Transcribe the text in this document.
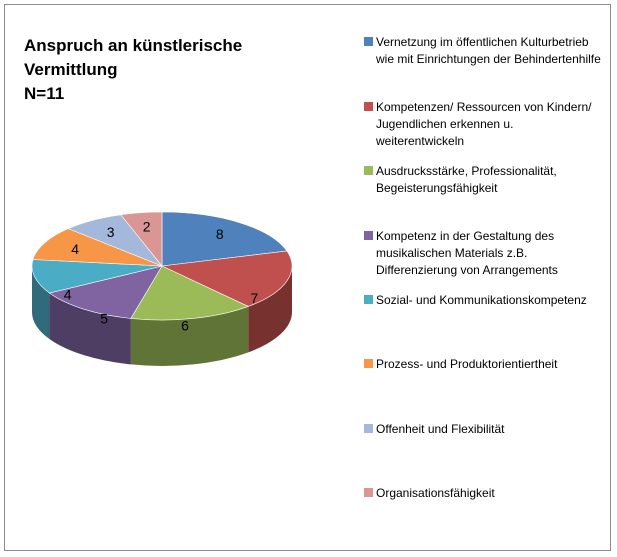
Anspruch an künstlerische
Vermittlung
N=11
8
7
6
5
4
4
3 2
Vernetzung im öffentlichen Kulturbetrieb wie mit Einrichtungen der Behindertenhilfe
Kompetenzen/ Ressourcen von Kindern/ Jugendlichen erkennen u. weiterentwickeln
Ausdrucksstärke, Professionalität, Begeisterungsfähigkeit
Kompetenz in der Gestaltung des musikalischen Materials z.B. Differenzierung von Arrangements
Sozial- und Kommunikationskompetenz
Prozess- und Produktorientiertheit
Offenheit und Flexibilität
Organisationsfähigkeit
